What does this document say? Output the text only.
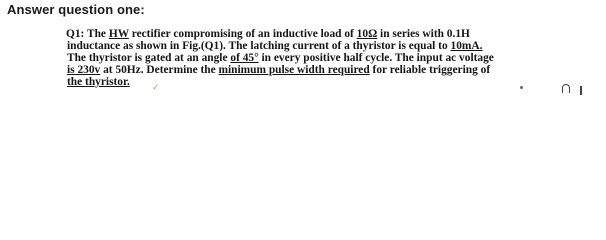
Answer question one:
Q1: The HW rectifier compromising of an inductive load of 10Ω in series with 0.1H
inductance as shown in Fig.(Q1). The latching current of a thyristor is equal to 10mA.
The thyristor is gated at an angle of 45° in every positive half cycle. The input ac voltage
is 230v at 50Hz. Determine the minimum pulse width required for reliable triggering of
the thyristor. ✓
